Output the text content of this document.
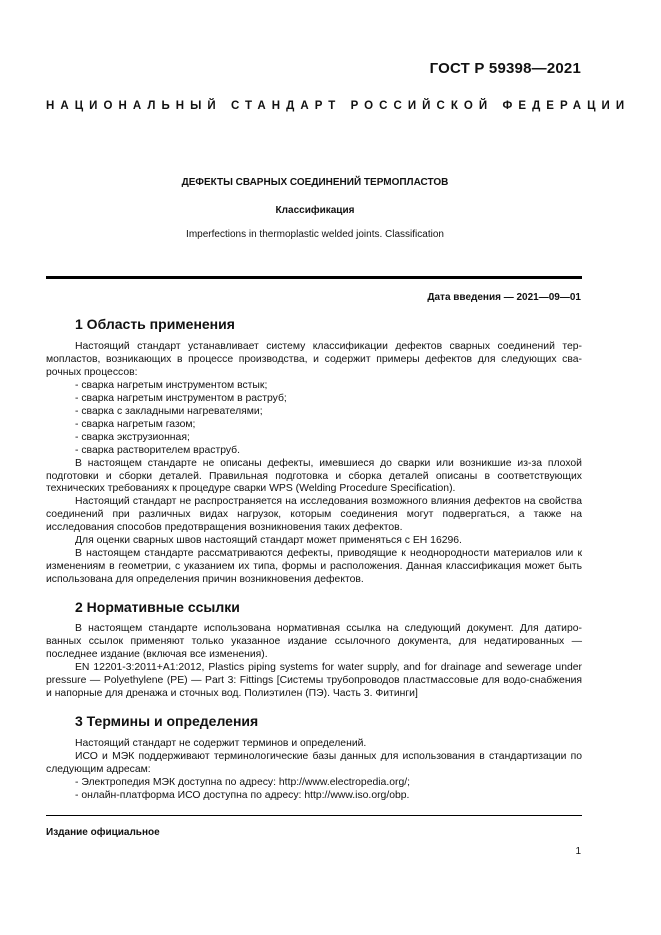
ГОСТ Р 59398—2021
НАЦИОНАЛЬНЫЙ СТАНДАРТ РОССИЙСКОЙ ФЕДЕРАЦИИ
ДЕФЕКТЫ СВАРНЫХ СОЕДИНЕНИЙ ТЕРМОПЛАСТОВ
Классификация
Imperfections in thermoplastic welded joints. Classification
Дата введения — 2021—09—01
1 Область применения
Настоящий стандарт устанавливает систему классификации дефектов сварных соединений тер-мопластов, возникающих в процессе производства, и содержит примеры дефектов для следующих сва-рочных процессов:
- сварка нагретым инструментом встык;
- сварка нагретым инструментом в раструб;
- сварка с закладными нагревателями;
- сварка нагретым газом;
- сварка экструзионная;
- сварка растворителем враструб.
В настоящем стандарте не описаны дефекты, имевшиеся до сварки или возникшие из-за плохой подготовки и сборки деталей. Правильная подготовка и сборка деталей описаны в соответствующих технических требованиях к процедуре сварки WPS (Welding Procedure Specification).
Настоящий стандарт не распространяется на исследования возможного влияния дефектов на свойства соединений при различных видах нагрузок, которым соединения могут подвергаться, а также на исследования способов предотвращения возникновения таких дефектов.
Для оценки сварных швов настоящий стандарт может применяться с ЕН 16296.
В настоящем стандарте рассматриваются дефекты, приводящие к неоднородности материалов или к изменениям в геометрии, с указанием их типа, формы и расположения. Данная классификация может быть использована для определения причин возникновения дефектов.
2 Нормативные ссылки
В настоящем стандарте использована нормативная ссылка на следующий документ. Для датиро-ванных ссылок применяют только указанное издание ссылочного документа, для недатированных — последнее издание (включая все изменения).
EN 12201-3:2011+A1:2012, Plastics piping systems for water supply, and for drainage and sewerage under pressure — Polyethylene (PE) — Part 3: Fittings [Системы трубопроводов пластмассовые для водо-снабжения и напорные для дренажа и сточных вод. Полиэтилен (ПЭ). Часть 3. Фитинги]
3 Термины и определения
Настоящий стандарт не содержит терминов и определений.
ИСО и МЭК поддерживают терминологические базы данных для использования в стандартизации по следующим адресам:
- Электропедия МЭК доступна по адресу: http://www.electropedia.org/;
- онлайн-платформа ИСО доступна по адресу: http://www.iso.org/obp.
Издание официальное
1
